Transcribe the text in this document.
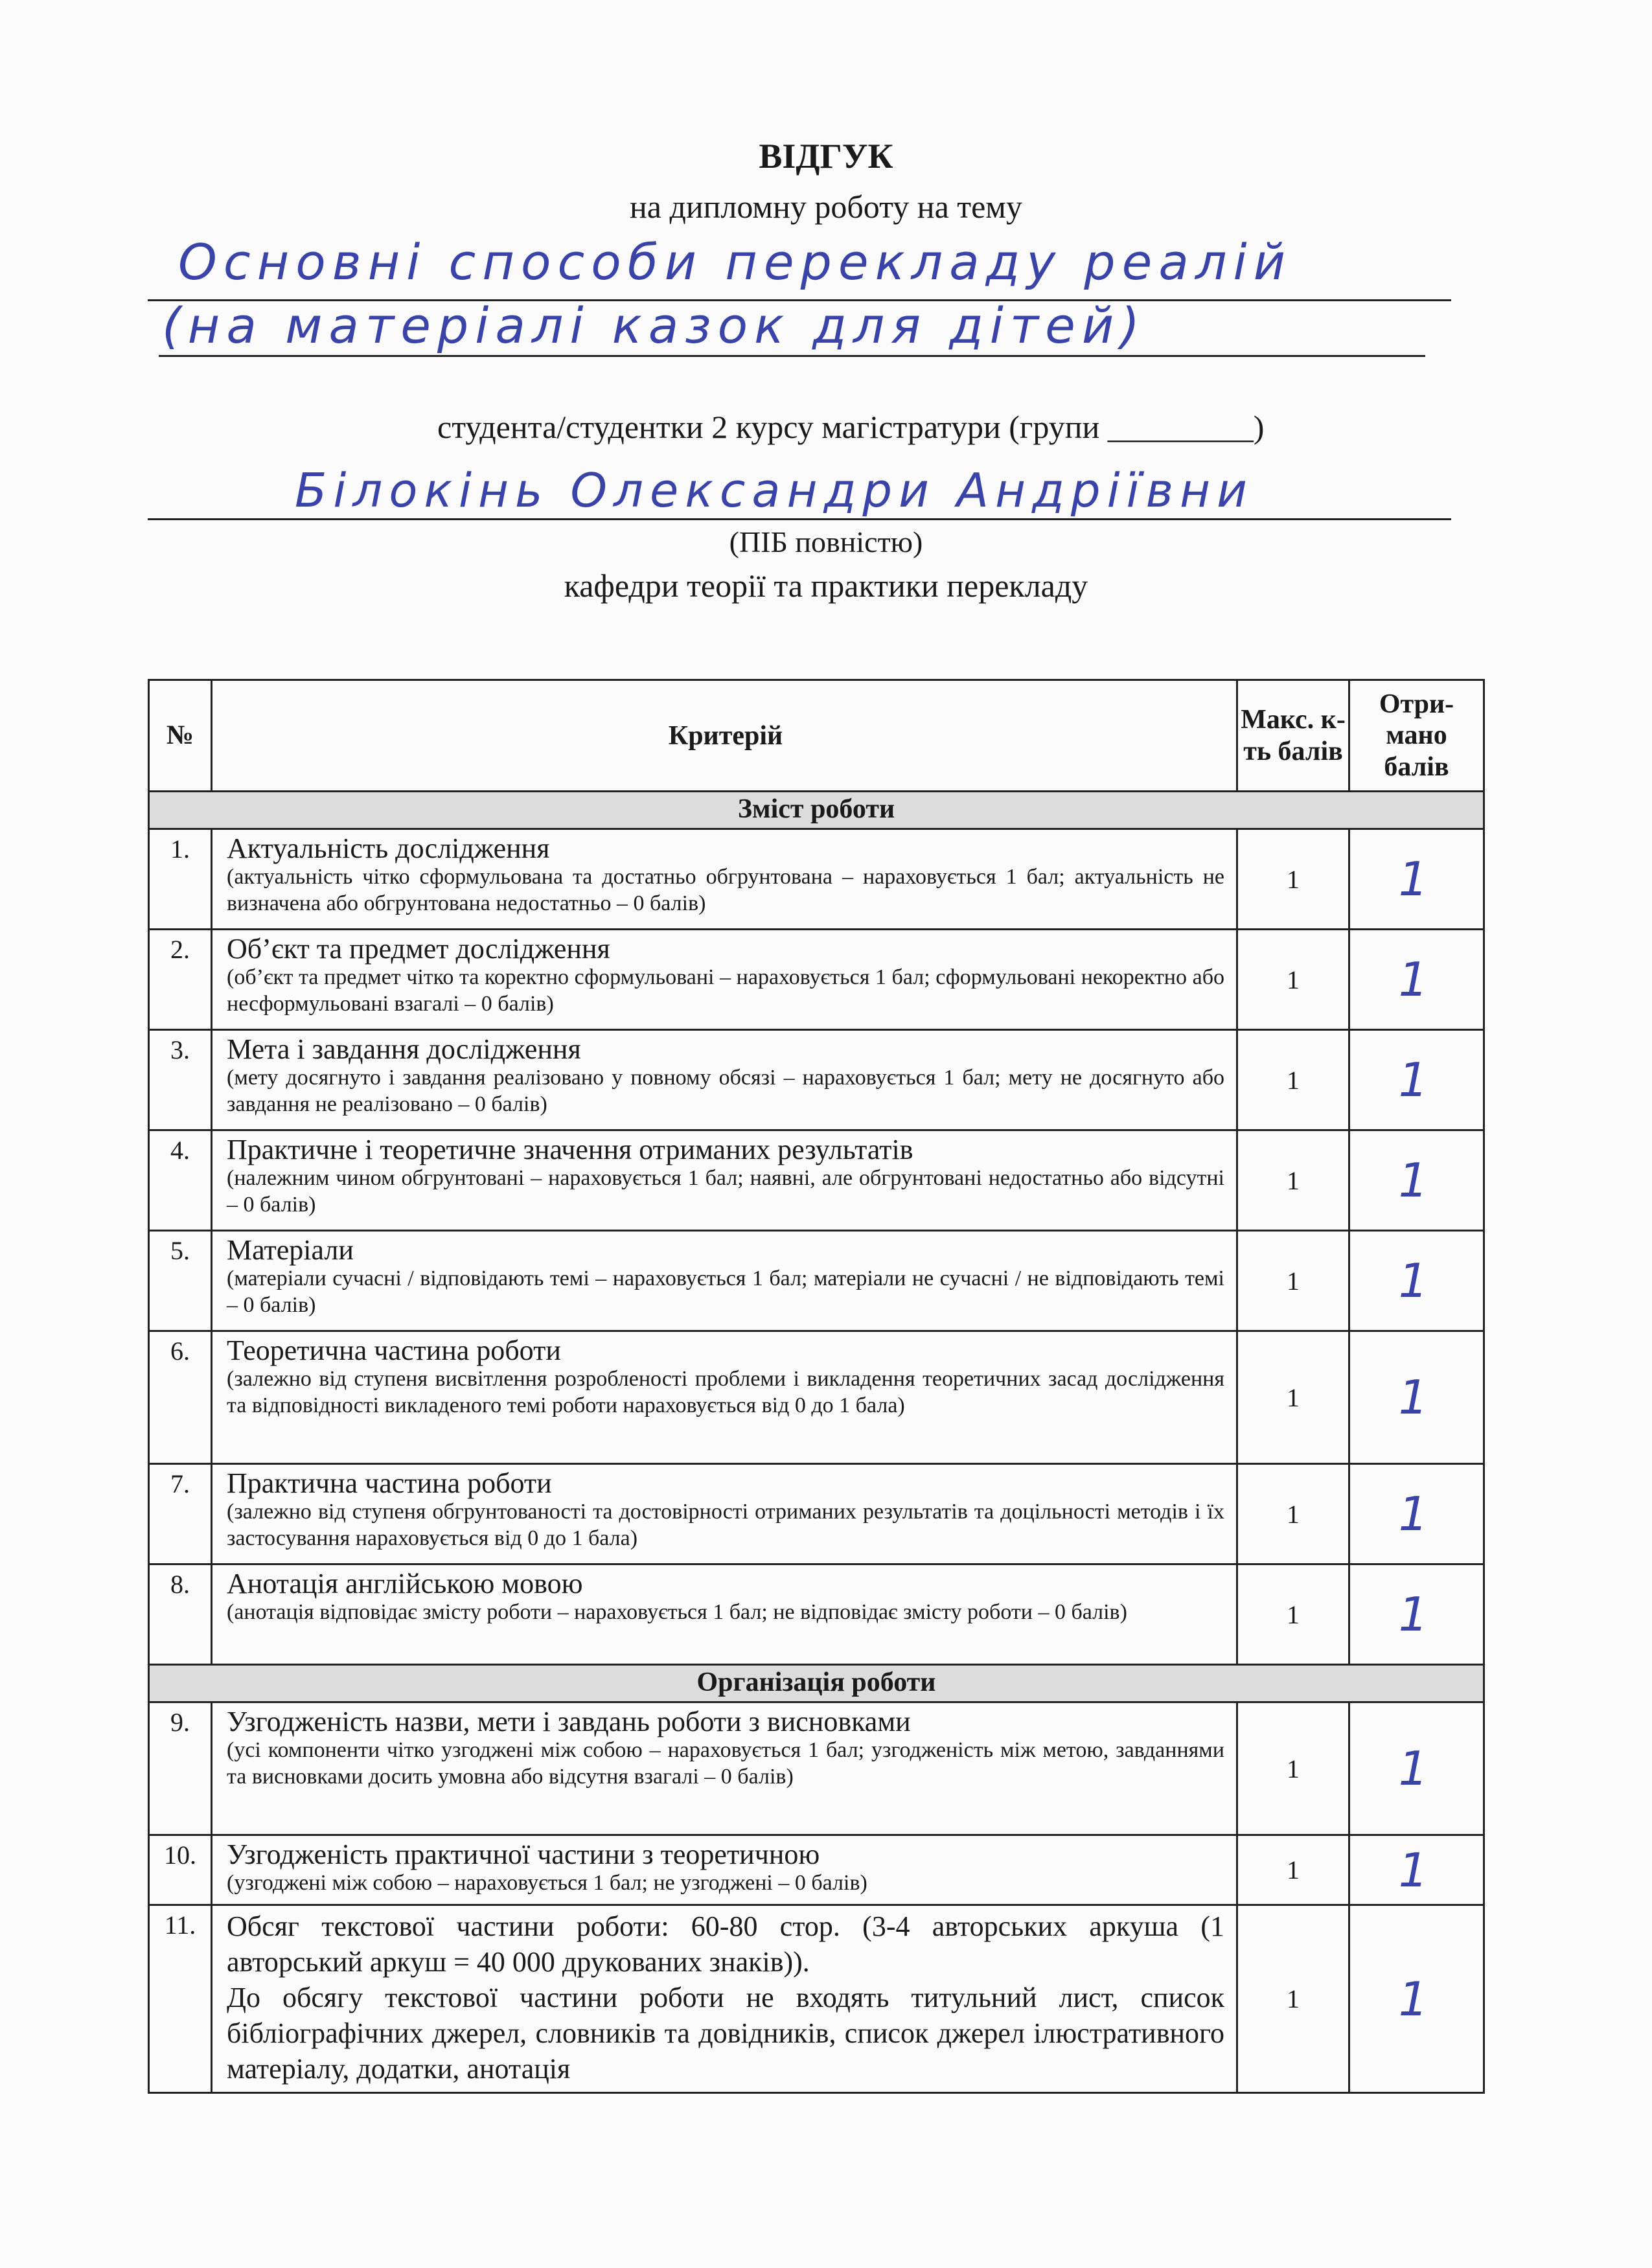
ВІДГУК
на дипломну роботу на тему
Основні способи перекладу реалій
(на матеріалі казок для дітей)
студента/студентки 2 курсу магістратури (групи _________)
Білокінь Олександри Андріївни
(ПІБ повністю)
кафедри теорії та практики перекладу
№	Критерій	Макс. к-ть балів	Отри-мано балів
Зміст роботи			
1.	Актуальність дослідження
(актуальність чітко сформульована та достатньо обгрунтована – нараховується 1 бал; актуальність не визначена або обгрунтована недостатньо – 0 балів)	1	1
2.	Об’єкт та предмет дослідження
(об’єкт та предмет чітко та коректно сформульовані – нараховується 1 бал; сформульовані некоректно або несформульовані взагалі – 0 балів)	1	1
3.	Мета і завдання дослідження
(мету досягнуто і завдання реалізовано у повному обсязі – нараховується 1 бал; мету не досягнуто або завдання не реалізовано – 0 балів)	1	1
4.	Практичне і теоретичне значення отриманих результатів
(належним чином обгрунтовані – нараховується 1 бал; наявні, але обгрунтовані недостатньо або відсутні – 0 балів)	1	1
5.	Матеріали
(матеріали сучасні / відповідають темі – нараховується 1 бал; матеріали не сучасні / не відповідають темі – 0 балів)	1	1
6.	Теоретична частина роботи
(залежно від ступеня висвітлення розробленості проблеми і викладення теоретичних засад дослідження та відповідності викладеного темі роботи нараховується від 0 до 1 бала)	1	1
7.	Практична частина роботи
(залежно від ступеня обгрунтованості та достовірності отриманих результатів та доцільності методів і їх застосування нараховується від 0 до 1 бала)	1	1
8.	Анотація англійською мовою
(анотація відповідає змісту роботи – нараховується 1 бал; не відповідає змісту роботи – 0 балів)	1	1
Організація роботи			
9.	Узгодженість назви, мети і завдань роботи з висновками
(усі компоненти чітко узгоджені між собою – нараховується 1 бал; узгодженість між метою, завданнями та висновками досить умовна або відсутня взагалі – 0 балів)	1	1
10.	Узгодженість практичної частини з теоретичною
(узгоджені між собою – нараховується 1 бал; не узгоджені – 0 балів)	1	1
11.	Обсяг текстової частини роботи: 60-80 стор. (3-4 авторських аркуша (1 авторський аркуш = 40 000 друкованих знаків)).
До обсягу текстової частини роботи не входять титульний лист, список бібліографічних джерел, словників та довідників, список джерел ілюстративного матеріалу, додатки, анотація	1	1
